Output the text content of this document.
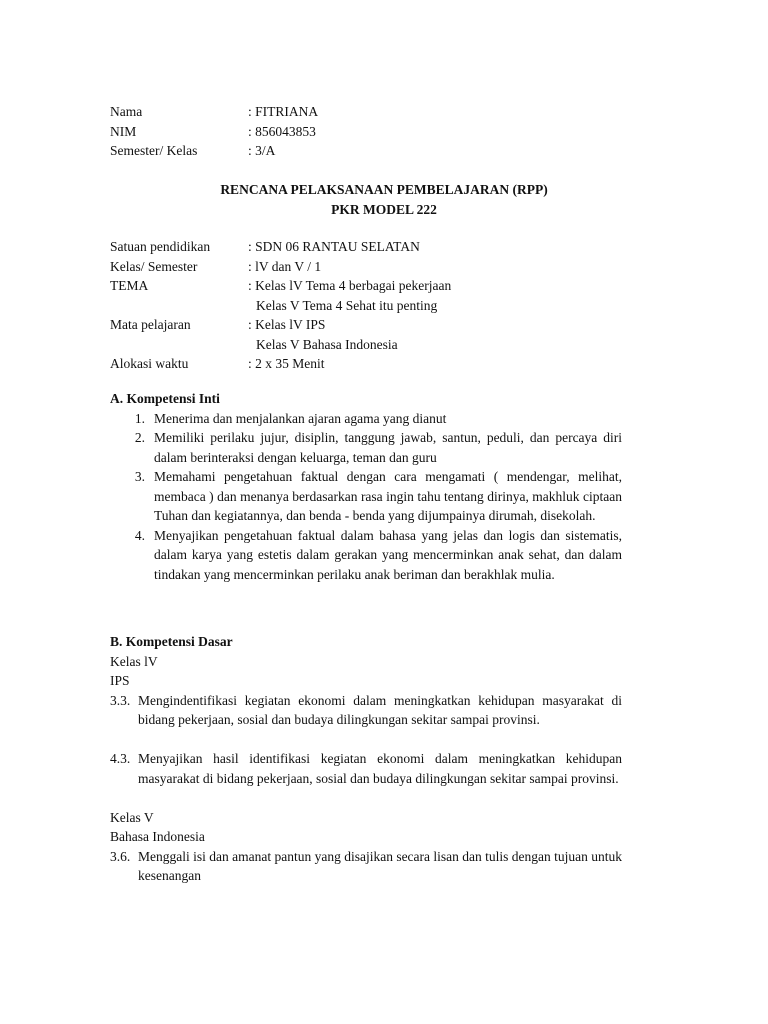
Nama	: FITRIANA
NIM	: 856043853
Semester/ Kelas	: 3/A
RENCANA PELAKSANAAN PEMBELAJARAN (RPP)
PKR MODEL 222
Satuan pendidikan	: SDN 06 RANTAU SELATAN
Kelas/ Semester	: lV dan V / 1
TEMA	: Kelas lV Tema 4 berbagai pekerjaan
Kelas V Tema 4 Sehat itu penting
Mata pelajaran	: Kelas lV IPS
Kelas V Bahasa Indonesia
Alokasi waktu	: 2 x 35 Menit
A. Kompetensi Inti
1. Menerima dan menjalankan ajaran agama yang dianut
2. Memiliki perilaku jujur, disiplin, tanggung jawab, santun, peduli, dan percaya diri dalam berinteraksi dengan keluarga, teman dan guru
3. Memahami pengetahuan faktual dengan cara mengamati ( mendengar, melihat, membaca ) dan menanya berdasarkan rasa ingin tahu tentang dirinya, makhluk ciptaan Tuhan dan kegiatannya, dan benda - benda yang dijumpainya dirumah, disekolah.
4. Menyajikan pengetahuan faktual dalam bahasa yang jelas dan logis dan sistematis, dalam karya yang estetis dalam gerakan yang mencerminkan anak sehat, dan dalam tindakan yang mencerminkan perilaku anak beriman dan berakhlak mulia.
B. Kompetensi Dasar
Kelas lV
IPS
3.3. Mengindentifikasi kegiatan ekonomi dalam meningkatkan kehidupan masyarakat di bidang pekerjaan, sosial dan budaya dilingkungan sekitar sampai provinsi.
4.3. Menyajikan hasil identifikasi kegiatan ekonomi dalam meningkatkan kehidupan masyarakat di bidang pekerjaan, sosial dan budaya dilingkungan sekitar sampai provinsi.
Kelas V
Bahasa Indonesia
3.6. Menggali isi dan amanat pantun yang disajikan secara lisan dan tulis dengan tujuan untuk kesenangan
